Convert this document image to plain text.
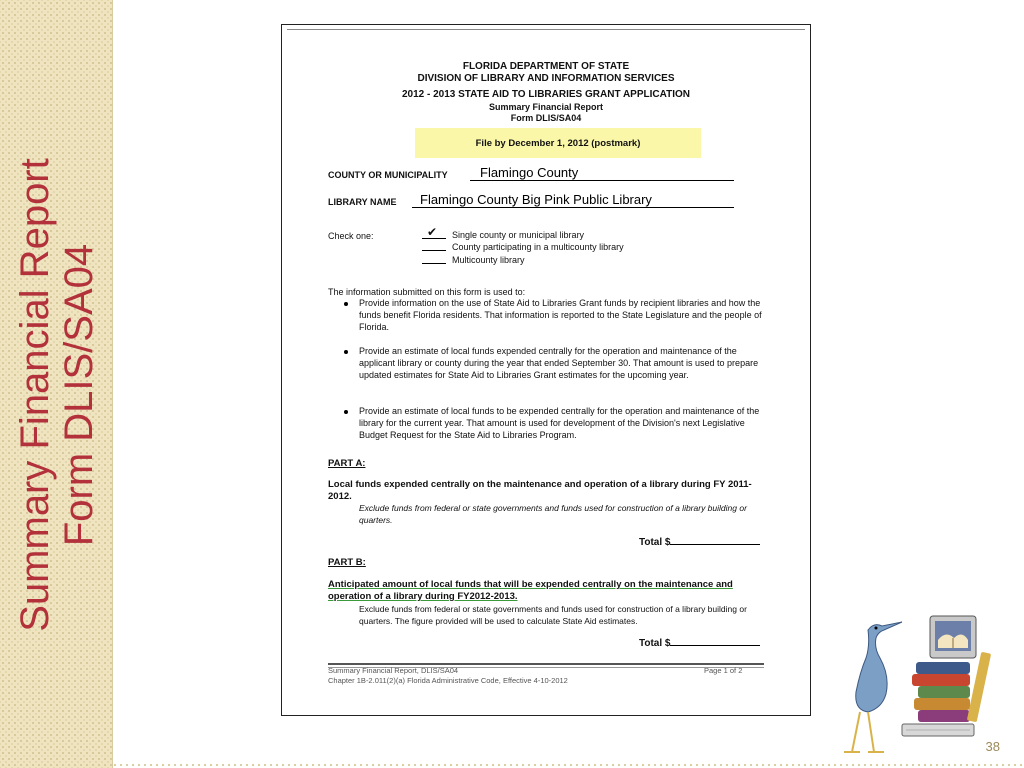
Summary Financial Report Form DLIS/SA04
FLORIDA DEPARTMENT OF STATE
DIVISION OF LIBRARY AND INFORMATION SERVICES
2012 - 2013 STATE AID TO LIBRARIES GRANT APPLICATION
Summary Financial Report
Form DLIS/SA04
File by December 1, 2012 (postmark)
COUNTY OR MUNICIPALITY Flamingo County
LIBRARY NAME Flamingo County Big Pink Public Library
Check one:	✔ Single county or municipal library
County participating in a multicounty library
Multicounty library
The information submitted on this form is used to:
Provide information on the use of State Aid to Libraries Grant funds by recipient libraries and how the funds benefit Florida residents. That information is reported to the State Legislature and the people of Florida.
Provide an estimate of local funds expended centrally for the operation and maintenance of the applicant library or county during the year that ended September 30. That amount is used to prepare updated estimates for State Aid to Libraries Grant estimates for the upcoming year.
Provide an estimate of local funds to be expended centrally for the operation and maintenance of the library for the current year. That amount is used for development of the Division's next Legislative Budget Request for the State Aid to Libraries Program.
PART A:
Local funds expended centrally on the maintenance and operation of a library during FY 2011-2012.
Exclude funds from federal or state governments and funds used for construction of a library building or quarters.
Total $
PART B:
Anticipated amount of local funds that will be expended centrally on the maintenance and operation of a library during FY2012-2013.
Exclude funds from federal or state governments and funds used for construction of a library building or quarters. The figure provided will be used to calculate State Aid estimates.
Total $
Summary Financial Report, DLIS/SA04	Page 1 of 2
Chapter 1B-2.011(2)(a) Florida Administrative Code, Effective 4-10-2012
38
